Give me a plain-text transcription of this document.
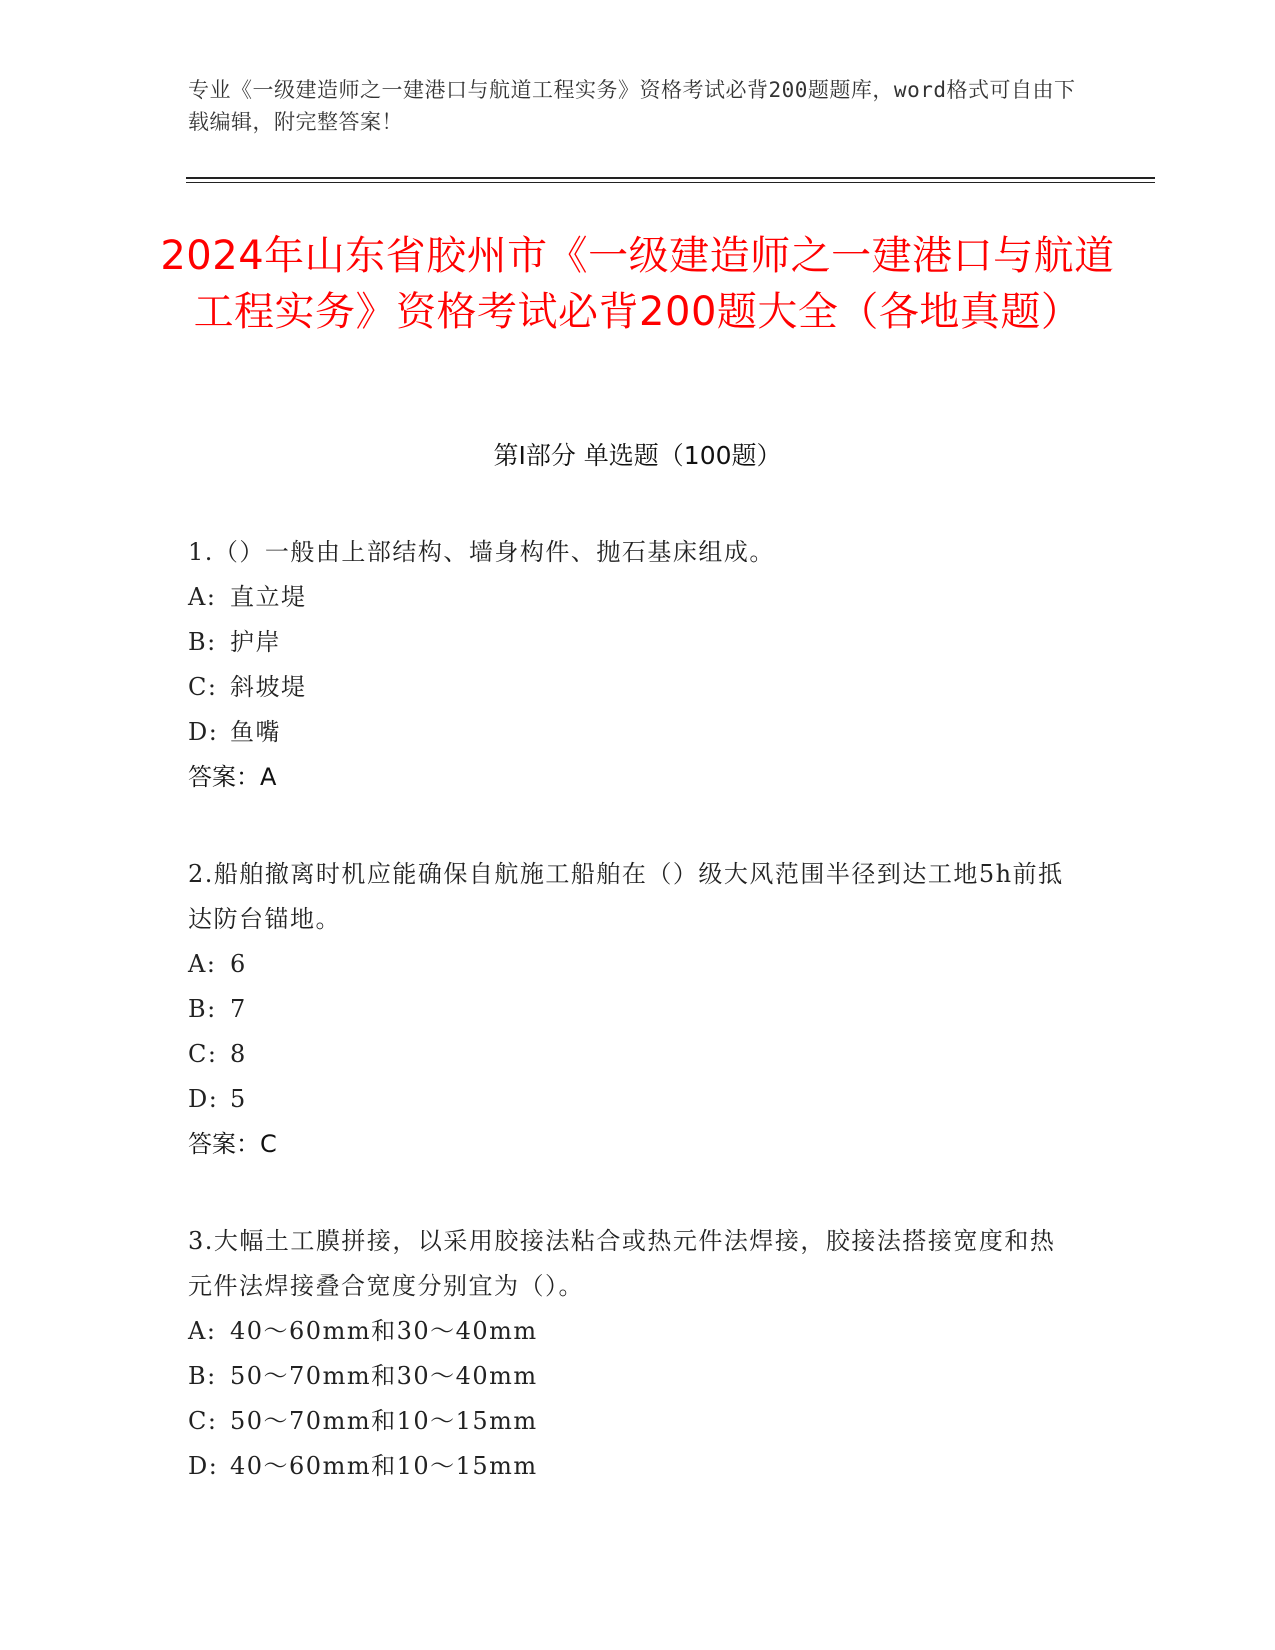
专业《一级建造师之一建港口与航道工程实务》资格考试必背200题题库，word格式可自由下载编辑，附完整答案！
2024年山东省胶州市《一级建造师之一建港口与航道工程实务》资格考试必背200题大全（各地真题）
第I部分 单选题（100题）
1.（）一般由上部结构、墙身构件、抛石基床组成。
A: 直立堤
B: 护岸
C: 斜坡堤
D: 鱼嘴
答案：A
2.船舶撤离时机应能确保自航施工船舶在（）级大风范围半径到达工地5h前抵达防台锚地。
A: 6
B: 7
C: 8
D: 5
答案：C
3.大幅土工膜拼接，以采用胶接法粘合或热元件法焊接，胶接法搭接宽度和热元件法焊接叠合宽度分别宜为（）。
A: 40～60mm和30～40mm
B: 50～70mm和30～40mm
C: 50～70mm和10～15mm
D: 40～60mm和10～15mm
